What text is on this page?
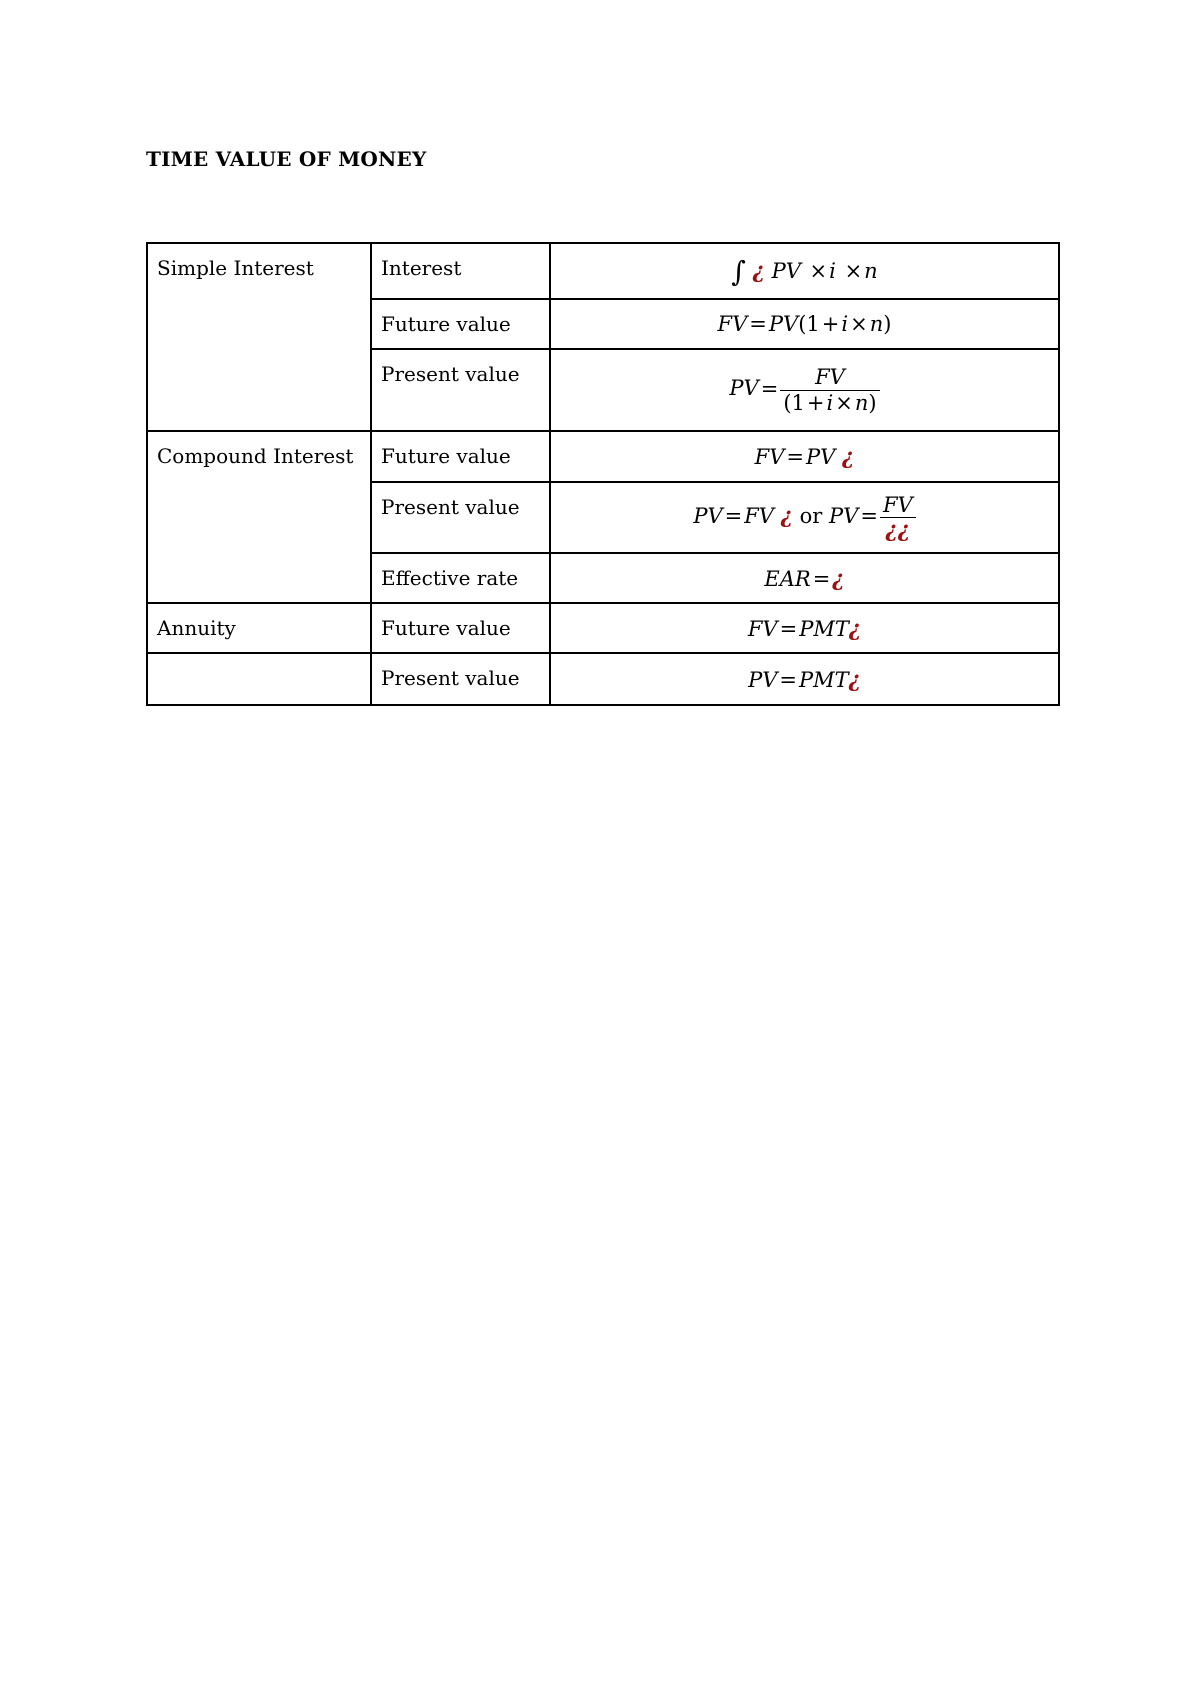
TIME VALUE OF MONEY
Simple Interest	Interest	∫ ¿ PV ×i ×n
	Future value	FV=PV(1+i×n)
	Present value	$PV= \frac{FV}{(1+i\times n)}$

Compound Interest	Future value	FV=PV ¿
	Present value	PV=FV ¿ or $PV= \frac{FV}{¿¿}$

	Effective rate	EAR=¿
Annuity	Future value	FV=PMT¿
	Present value	PV=PMT¿
